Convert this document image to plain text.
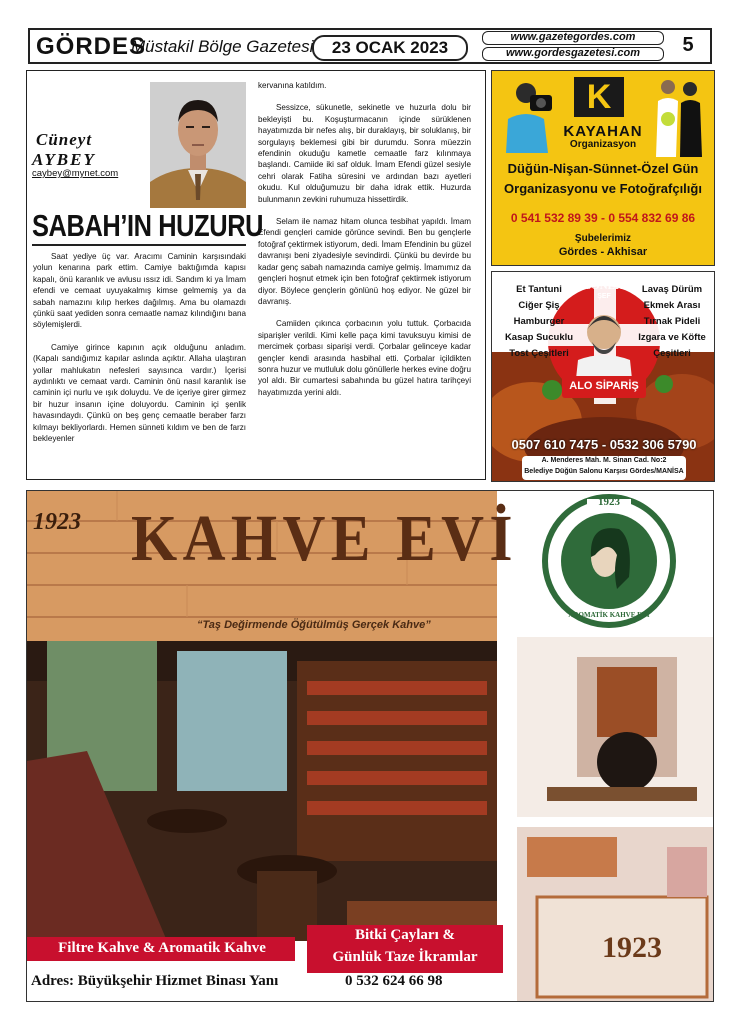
GÖRDES
Müstakil Bölge Gazetesi	23 OCAK 2023
www.gazetegordes.com
www.gordesgazetesi.com	5
Cüneyt
AYBEY
caybey@mynet.com
SABAH’IN HUZURU

Saat yediye üç var. Aracımı Caminin karşısındaki yolun kenarına park ettim. Camiye baktığımda kapısı kapalı, önü karanlık ve avlusu ıssız idi. Sandım ki ya İmam efendi ve cemaat uyuyakalmış kimse gelmemiş ya da sabah namazını kılıp herkes dağılmış. Ama bu olamazdı çünkü saat yediden sonra cemaatle namaz kılındığını bana söylemişlerdi.

Camiye girince kapının açık olduğunu anladım. (Kapalı sandığımız kapılar aslında açıktır. Allaha ulaştıran yollar mahlukatın nefesleri sayısınca vardır.) İçerisi aydınlıktı ve cemaat vardı. Caminin önü nasıl karanlık ise caminin içi nurlu ve ışık doluydu. Ve de içeriye girer girmez bir huzur insanın içine doluyordu. Caminin içi şenlik havasındaydı. Çünkü on beş genç cemaatle beraber farzı kılmayı bekliyorlardı. Hemen sünneti kıldım ve ben de farzı bekleyenler

kervanına katıldım.

Sessizce, sükunetle, sekinetle ve huzurla dolu bir bekleyişti bu. Koşuşturmacanın içinde sürüklenen hayatımızda bir nefes alış, bir duraklayış, bir soluklanış, bir sorgulayış beklemesi gibi bir durumdu. Sonra müezzin efendinin okuduğu kametle cemaatle farz kılınmaya başlandı. Camiide iki saf olduk. İmam Efendi güzel sesiyle cehri olarak Fatiha süresini ve ardından bazı ayetleri okudu. Kul olduğumuzu bir daha idrak ettik. Huzurda bulunmanın zevkini ruhumuza hissettirdik.

Selam ile namaz hitam olunca tesbihat yapıldı. İmam Efendi gençleri camide görünce sevindi. Ben bu gençlerle fotoğraf çektirmek istiyorum, dedi. İmam Efendinin bu güzel davranışı beni ziyadesiyle sevindirdi. Çünkü bu devirde bu kadar genç sabah namazında camiye gelmiş. İmamımız da gençleri hoşnut etmek için ben fotoğraf çektirmek istiyorum diyor. Böylece gençlerin gönlünü hoş ediyor. Ne güzel bir davranış.

Camiiden çıkınca çorbacının yolu tuttuk. Çorbacıda siparişler verildi. Kimi kelle paça kimi tavuksuyu kimisi de mercimek çorbası siparişi verdi. Çorbalar gelinceye kadar gençler kendi arasında hasbihal etti. Çorbalar içildikten sonra huzur ve mutluluk dolu gönüllerle herkes evine doğru yol aldı. Bir cumartesi sabahında bu güzel hatıra tarihçeyi hayatımızda yerini aldı.

K
KAYAHAN
Organizasyon
Düğün-Nişan-Sünnet-Özel Gün
Organizasyonu ve Fotoğrafçılığı
0 541 532 89 39 - 0 554 832 69 86
Şubelerimiz
Gördes - Akhisar
SONER
ŞEF
Et Tantuni
Ciğer Şiş
Hamburger
Kasap Sucuklu
Tost Çeşitleri
Lavaş Dürüm
Ekmek Arası
Tırnak Pideli
Izgara ve Köfte
Çeşitleri
ALO SİPARİŞ
0507 610 7475 - 0532 306 5790
A. Menderes Mah. M. Sinan Cad. No:2
Belediye Düğün Salonu Karşısı Gördes/MANİSA
1923 KAHVE EVİ
“Taş Değirmende Öğütülmüş Gerçek Kahve”
1923
AROMATİK KAHVE EVİ
1923
Filtre Kahve & Aromatik Kahve
Bitki Çayları &
Günlük Taze İkramlar
Adres: Büyükşehir Hizmet Binası Yanı	0 532 624 66 98
